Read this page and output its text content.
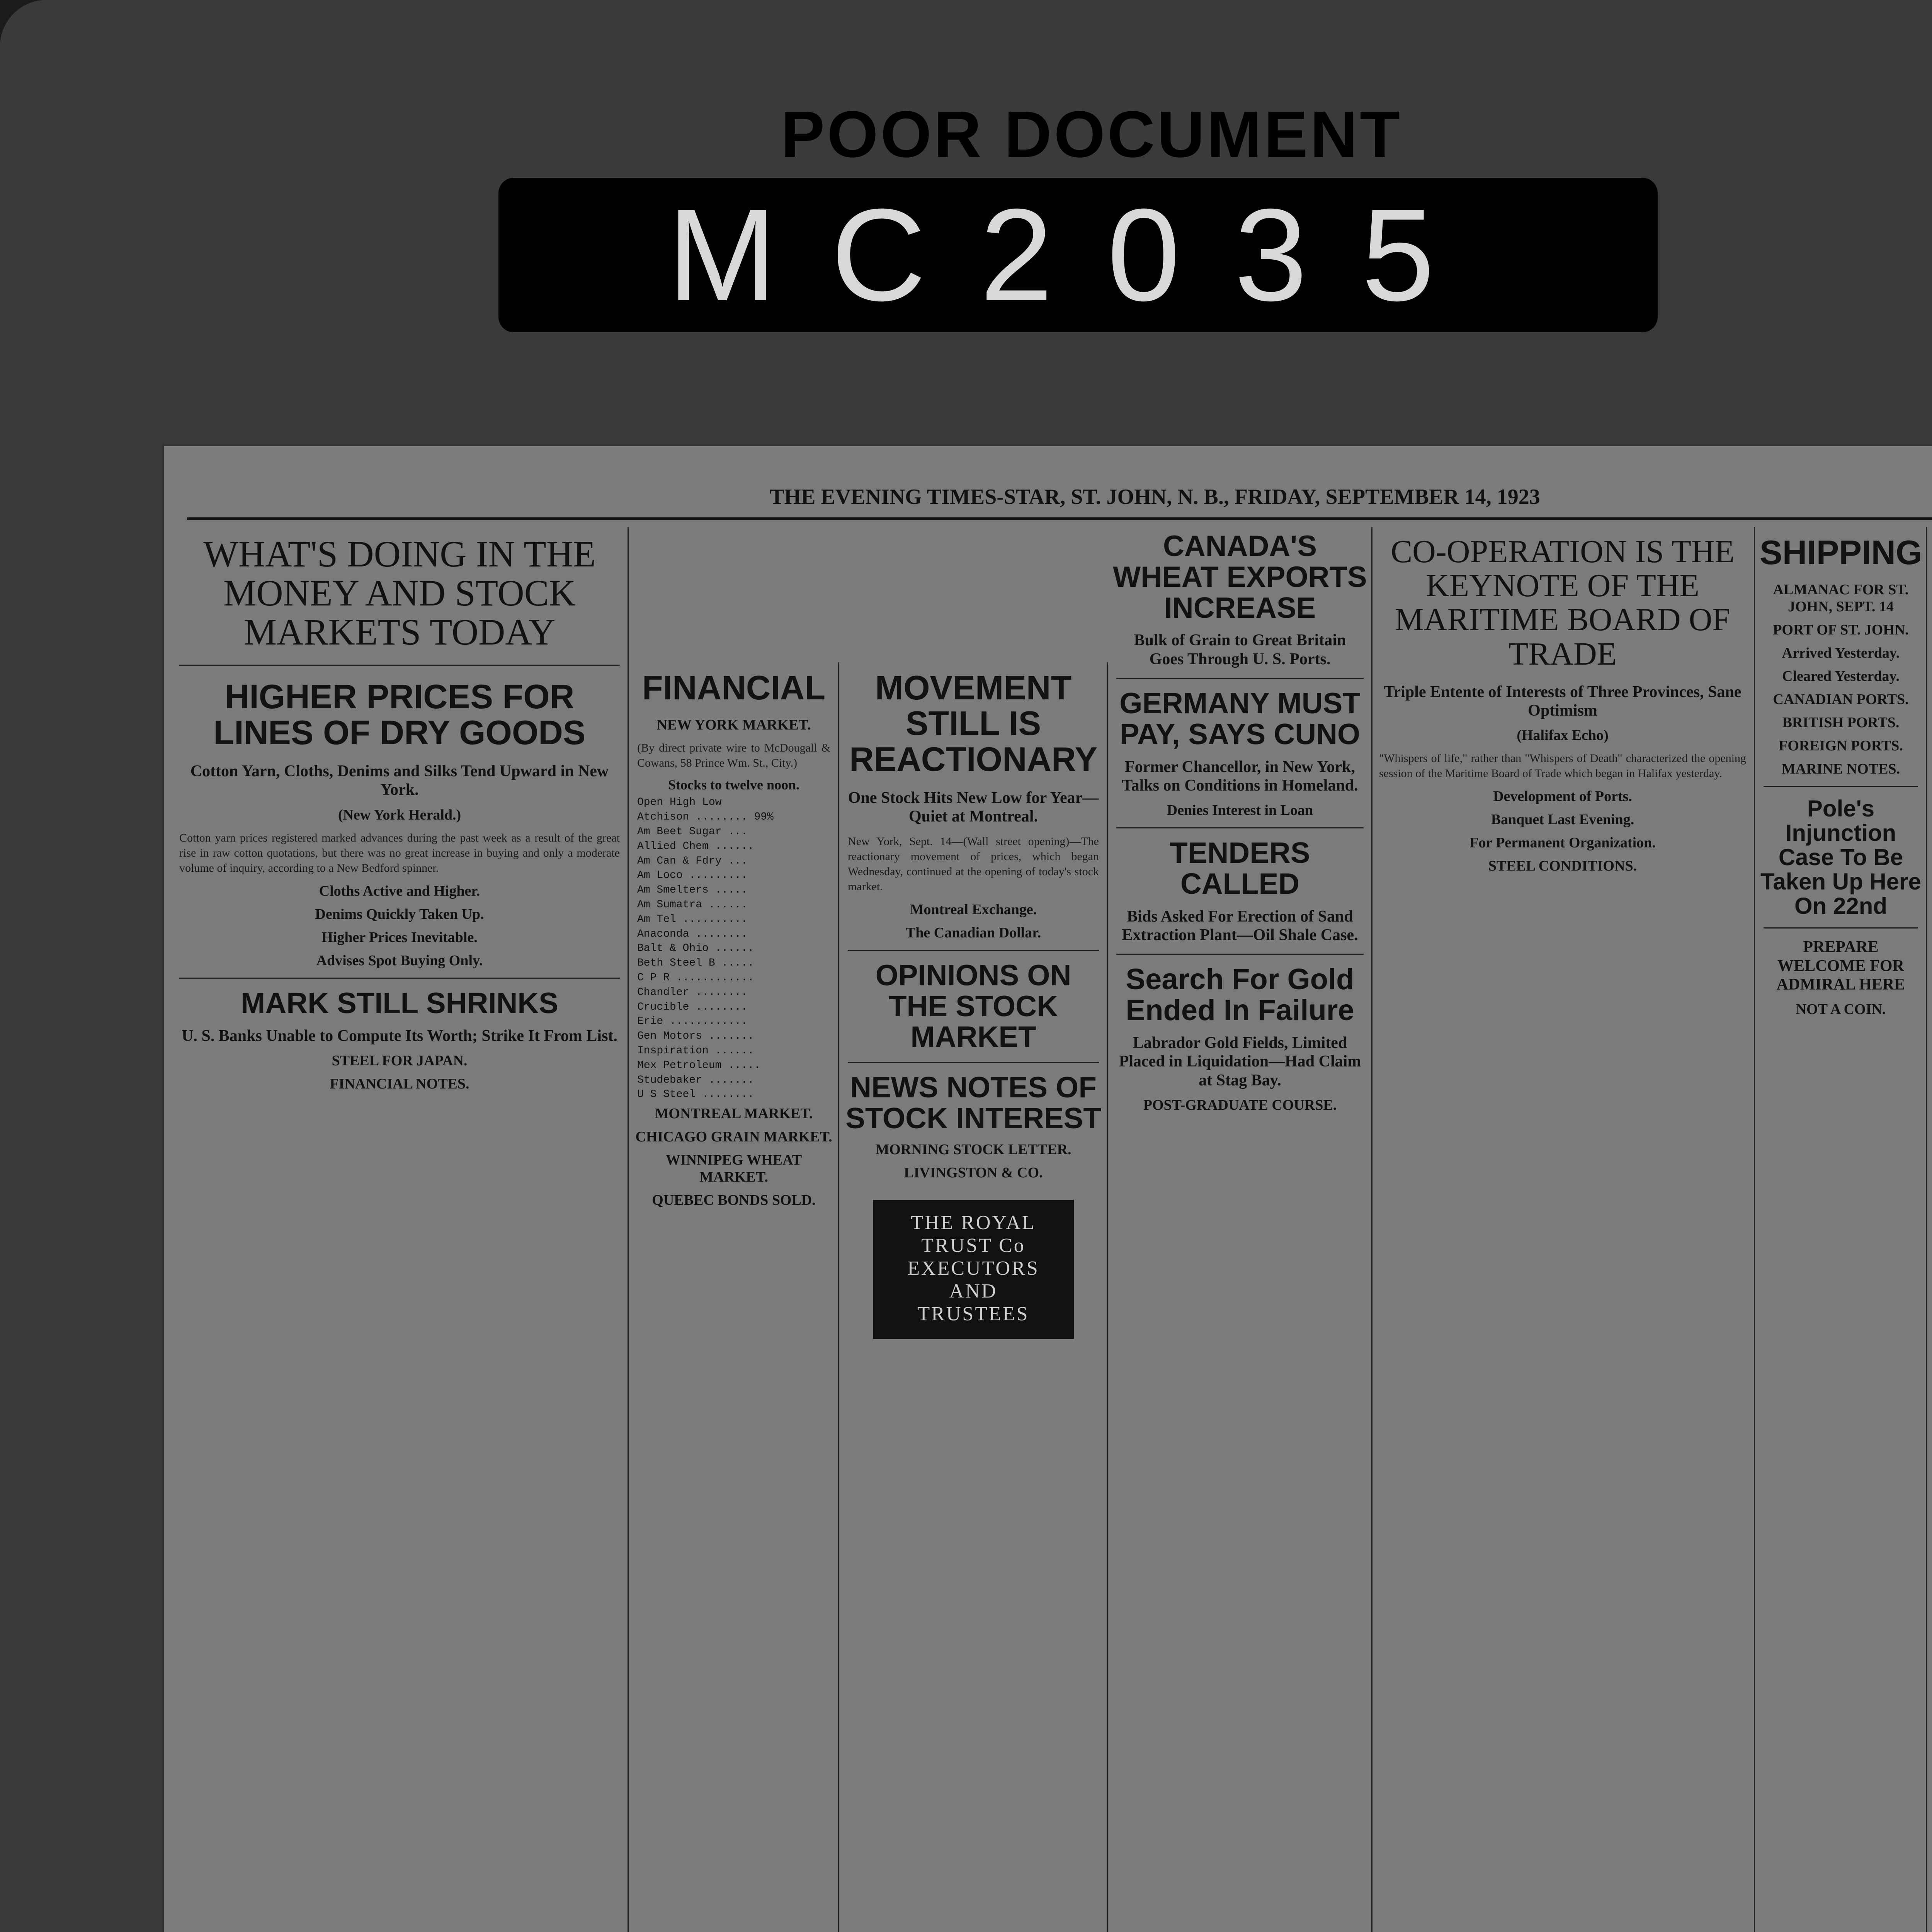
POOR DOCUMENT
MC2035
THE EVENING TIMES-STAR, ST. JOHN, N. B., FRIDAY, SEPTEMBER 14, 1923
WHAT'S DOING IN THE MONEY AND STOCK MARKETS TODAY
HIGHER PRICES FOR LINES OF DRY GOODS
Cotton Yarn, Cloths, Denims and Silks Tend Upward in New York.
(New York Herald.)
Cotton yarn prices registered marked advances during the past week as a result of the great rise in raw cotton quotations, but there was no great increase in buying and only a moderate volume of inquiry, according to a New Bedford spinner.
Cloths Active and Higher.
Denims Quickly Taken Up.
Higher Prices Inevitable.
Advises Spot Buying Only.
MARK STILL SHRINKS
U. S. Banks Unable to Compute Its Worth; Strike It From List.
STEEL FOR JAPAN.
FINANCIAL NOTES.
FINANCIAL
NEW YORK MARKET.
(By direct private wire to McDougall & Cowans, 58 Prince Wm. St., City.)
Stocks to twelve noon.
Open High Low
Atchison ........ 99%
Am Beet Sugar ...
Allied Chem ......
Am Can & Fdry ...
Am Loco .........
Am Smelters .....
Am Sumatra ......
Am Tel ..........
Anaconda ........
Balt & Ohio ......
Beth Steel B .....
C P R ............
Chandler ........
Crucible ........
Erie ............
Gen Motors .......
Inspiration ......
Mex Petroleum .....
Studebaker .......
U S Steel ........
MONTREAL MARKET.
CHICAGO GRAIN MARKET.
WINNIPEG WHEAT MARKET.
QUEBEC BONDS SOLD.
MOVEMENT STILL IS REACTIONARY
One Stock Hits New Low for Year—Quiet at Montreal.
New York, Sept. 14—(Wall street opening)—The reactionary movement of prices, which began Wednesday, continued at the opening of today's stock market.
Montreal Exchange.
The Canadian Dollar.
OPINIONS ON THE STOCK MARKET
NEWS NOTES OF STOCK INTEREST
MORNING STOCK LETTER.
LIVINGSTON & CO.
THE ROYAL TRUST Co
EXECUTORS
AND
TRUSTEES
CANADA'S WHEAT EXPORTS INCREASE
Bulk of Grain to Great Britain Goes Through U. S. Ports.
GERMANY MUST PAY, SAYS CUNO
Former Chancellor, in New York, Talks on Conditions in Homeland.
Denies Interest in Loan
TENDERS CALLED
Bids Asked For Erection of Sand Extraction Plant—Oil Shale Case.
Search For Gold Ended In Failure
Labrador Gold Fields, Limited Placed in Liquidation—Had Claim at Stag Bay.
POST-GRADUATE COURSE.
CO-OPERATION IS THE KEYNOTE OF THE MARITIME BOARD OF TRADE
Triple Entente of Interests of Three Provinces, Sane Optimism
(Halifax Echo)
"Whispers of life," rather than "Whispers of Death" characterized the opening session of the Maritime Board of Trade which began in Halifax yesterday.
Development of Ports.
Banquet Last Evening.
For Permanent Organization.
STEEL CONDITIONS.
SHIPPING
ALMANAC FOR ST. JOHN, SEPT. 14
PORT OF ST. JOHN.
Arrived Yesterday.
Cleared Yesterday.
CANADIAN PORTS.
BRITISH PORTS.
FOREIGN PORTS.
MARINE NOTES.
Pole's Injunction Case To Be Taken Up Here On 22nd
PREPARE WELCOME FOR ADMIRAL HERE
NOT A COIN.
